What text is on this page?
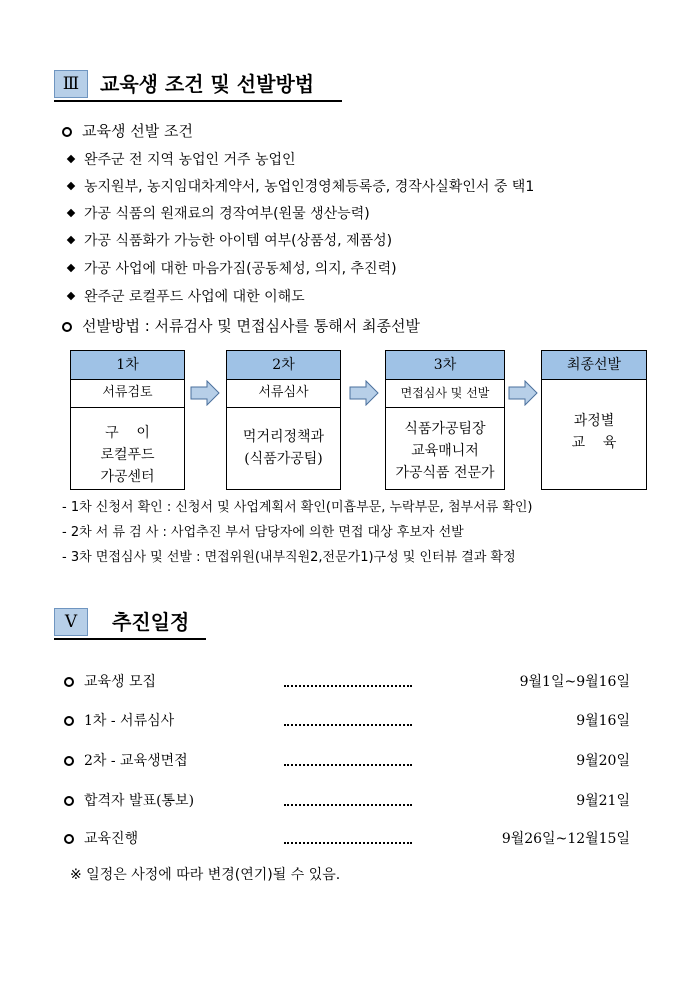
Ⅲ	교육생 조건 및 선발방법
교육생 선발 조건
완주군 전 지역 농업인 거주 농업인
농지원부, 농지임대차계약서, 농업인경영체등록증, 경작사실확인서 중 택1
가공 식품의 원재료의 경작여부(원물 생산능력)
가공 식품화가 가능한 아이템 여부(상품성, 제품성)
가공 사업에 대한 마음가짐(공동체성, 의지, 추진력)
완주군 로컬푸드 사업에 대한 이해도
선발방법 : 서류검사 및 면접심사를 통해서 최종선발
1차
서류검토
구    이
로컬푸드
가공센터
2차
서류심사
먹거리정책과
(식품가공팀)
3차
면접심사 및 선발
식품가공팀장
교육매니저
가공식품 전문가
최종선발
과정별
교    육
- 1차 신청서 확인 : 신청서 및 사업계획서 확인(미흡부문, 누락부문, 첨부서류 확인)
- 2차 서 류 검 사 : 사업추진 부서 담당자에 의한 면접 대상 후보자 선발
- 3차 면접심사 및 선발 : 면접위원(내부직원2,전문가1)구성 및 인터뷰 결과 확정
Ⅴ	추진일정
교육생 모집	9월1일~9월16일
1차 - 서류심사	9월16일
2차 - 교육생면접	9월20일
합격자 발표(통보)	9월21일
교육진행	9월26일~12월15일
※ 일정은 사정에 따라 변경(연기)될 수 있음.
